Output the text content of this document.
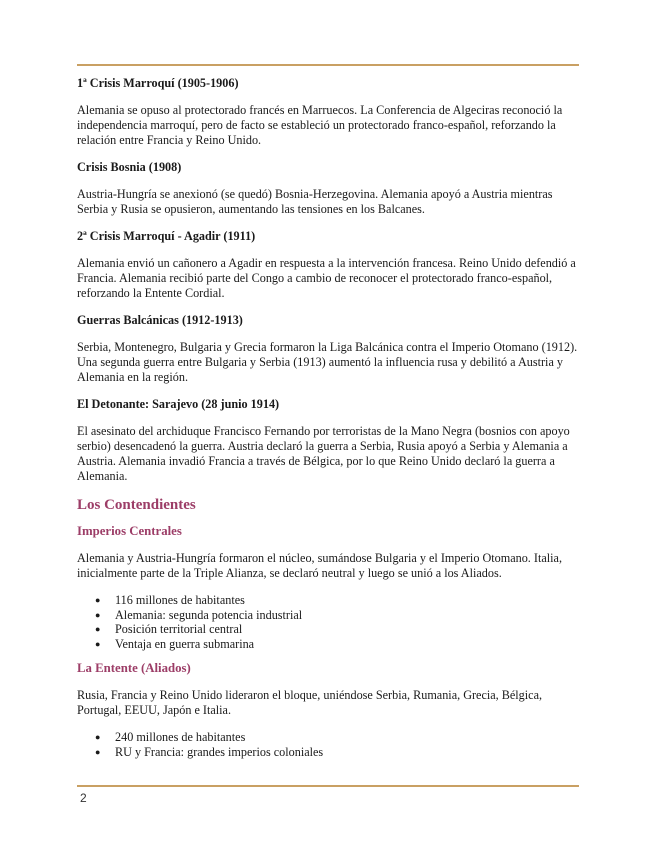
1ª Crisis Marroquí (1905-1906)

Alemania se opuso al protectorado francés en Marruecos. La Conferencia de Algeciras reconoció la independencia marroquí, pero de facto se estableció un protectorado franco-español, reforzando la relación entre Francia y Reino Unido.

Crisis Bosnia (1908)

Austria-Hungría se anexionó (se quedó) Bosnia-Herzegovina. Alemania apoyó a Austria mientras Serbia y Rusia se opusieron, aumentando las tensiones en los Balcanes.

2ª Crisis Marroquí - Agadir (1911)

Alemania envió un cañonero a Agadir en respuesta a la intervención francesa. Reino Unido defendió a Francia. Alemania recibió parte del Congo a cambio de reconocer el protectorado franco-español, reforzando la Entente Cordial.

Guerras Balcánicas (1912-1913)

Serbia, Montenegro, Bulgaria y Grecia formaron la Liga Balcánica contra el Imperio Otomano (1912). Una segunda guerra entre Bulgaria y Serbia (1913) aumentó la influencia rusa y debilitó a Austria y Alemania en la región.

El Detonante: Sarajevo (28 junio 1914)

El asesinato del archiduque Francisco Fernando por terroristas de la Mano Negra (bosnios con apoyo serbio) desencadenó la guerra. Austria declaró la guerra a Serbia, Rusia apoyó a Serbia y Alemania a Austria. Alemania invadió Francia a través de Bélgica, por lo que Reino Unido declaró la guerra a Alemania.

Los Contendientes
Imperios Centrales

Alemania y Austria-Hungría formaron el núcleo, sumándose Bulgaria y el Imperio Otomano. Italia, inicialmente parte de la Triple Alianza, se declaró neutral y luego se unió a los Aliados.

● 116 millones de habitantes
● Alemania: segunda potencia industrial
● Posición territorial central
● Ventaja en guerra submarina
La Entente (Aliados)

Rusia, Francia y Reino Unido lideraron el bloque, uniéndose Serbia, Rumania, Grecia, Bélgica, Portugal, EEUU, Japón e Italia.

● 240 millones de habitantes
● RU y Francia: grandes imperios coloniales
2
